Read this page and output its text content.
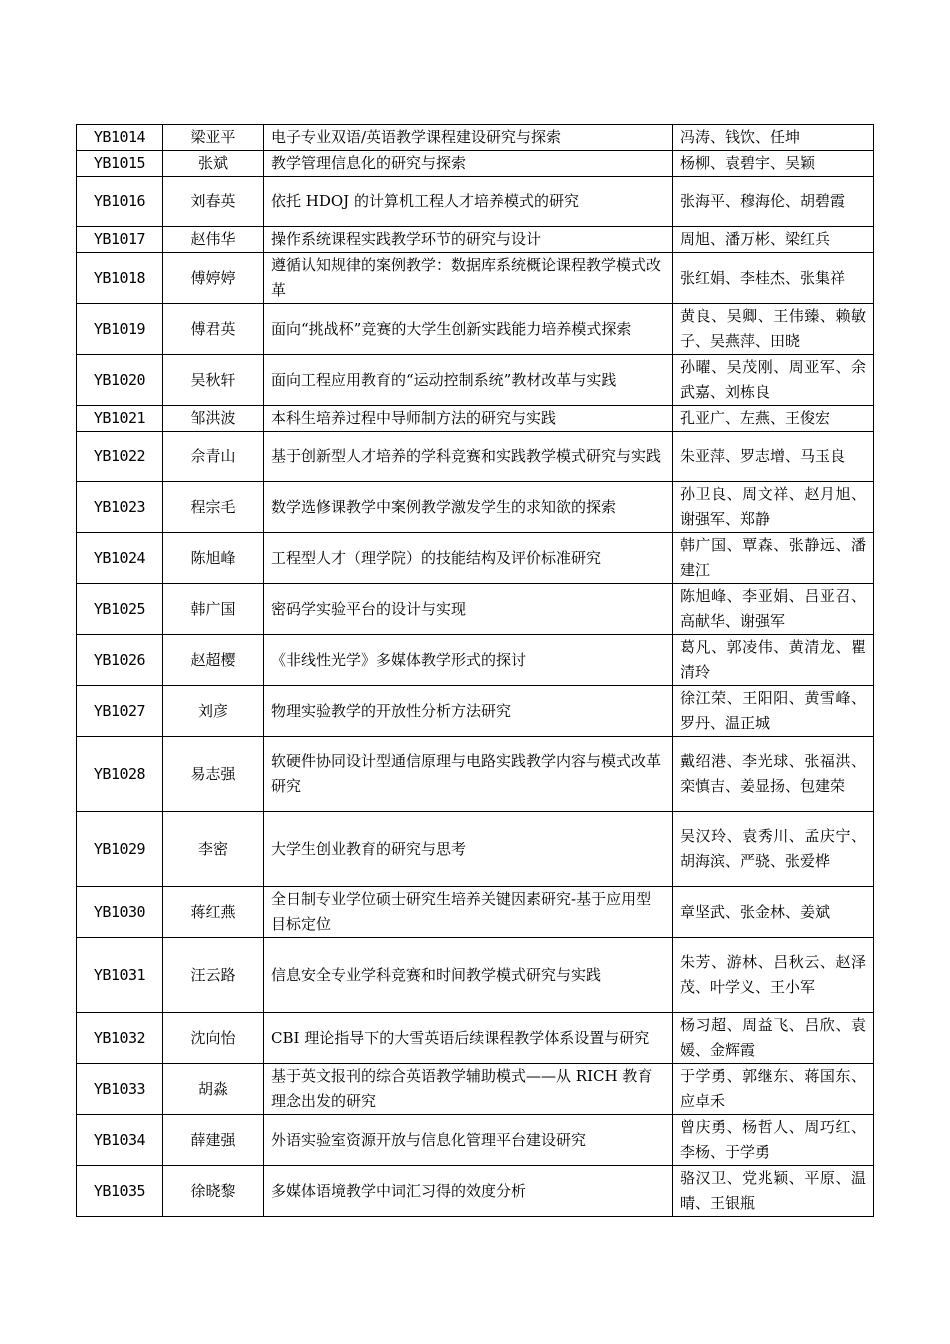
YB1014	梁亚平	电子专业双语/英语教学课程建设研究与探索	冯涛、钱饮、任坤
YB1015	张斌	教学管理信息化的研究与探索	杨柳、袁碧宇、吴颖
YB1016	刘春英	依托 HDOJ 的计算机工程人才培养模式的研究	张海平、穆海伦、胡碧霞
YB1017	赵伟华	操作系统课程实践教学环节的研究与设计	周旭、潘万彬、梁红兵
YB1018	傅婷婷	遵循认知规律的案例教学：数据库系统概论课程教学模式改革	张红娟、李桂杰、张集祥
YB1019	傅君英	面向“挑战杯”竞赛的大学生创新实践能力培养模式探索	黄良、吴卿、王伟臻、赖敏子、吴燕萍、田晓
YB1020	吴秋轩	面向工程应用教育的“运动控制系统”教材改革与实践	孙曜、吴茂刚、周亚军、余武嘉、刘栋良
YB1021	邹洪波	本科生培养过程中导师制方法的研究与实践	孔亚广、左燕、王俊宏
YB1022	佘青山	基于创新型人才培养的学科竞赛和实践教学模式研究与实践	朱亚萍、罗志增、马玉良
YB1023	程宗毛	数学选修课教学中案例教学激发学生的求知欲的探索	孙卫良、周文祥、赵月旭、谢强军、郑静
YB1024	陈旭峰	工程型人才（理学院）的技能结构及评价标准研究	韩广国、覃森、张静远、潘建江
YB1025	韩广国	密码学实验平台的设计与实现	陈旭峰、李亚娟、吕亚召、高献华、谢强军
YB1026	赵超樱	《非线性光学》多媒体教学形式的探讨	葛凡、郭凌伟、黄清龙、瞿清玲
YB1027	刘彦	物理实验教学的开放性分析方法研究	徐江荣、王阳阳、黄雪峰、罗丹、温正城
YB1028	易志强	软硬件协同设计型通信原理与电路实践教学内容与模式改革研究	戴绍港、李光球、张福洪、栾慎吉、姜显扬、包建荣
YB1029	李密	大学生创业教育的研究与思考	吴汉玲、袁秀川、孟庆宁、胡海滨、严骁、张爱桦
YB1030	蒋红燕	全日制专业学位硕士研究生培养关键因素研究-基于应用型目标定位	章坚武、张金林、姜斌
YB1031	汪云路	信息安全专业学科竞赛和时间教学模式研究与实践	朱芳、游林、吕秋云、赵泽茂、叶学义、王小军
YB1032	沈向怡	CBI 理论指导下的大雪英语后续课程教学体系设置与研究	杨习超、周益飞、吕欣、袁媛、金辉霞
YB1033	胡淼	基于英文报刊的综合英语教学辅助模式——从 RICH 教育理念出发的研究	于学勇、郭继东、蒋国东、应卓禾
YB1034	薛建强	外语实验室资源开放与信息化管理平台建设研究	曾庆勇、杨哲人、周巧红、李杨、于学勇
YB1035	徐晓黎	多媒体语境教学中词汇习得的效度分析	骆汉卫、党兆颖、平原、温晴、王银瓶
